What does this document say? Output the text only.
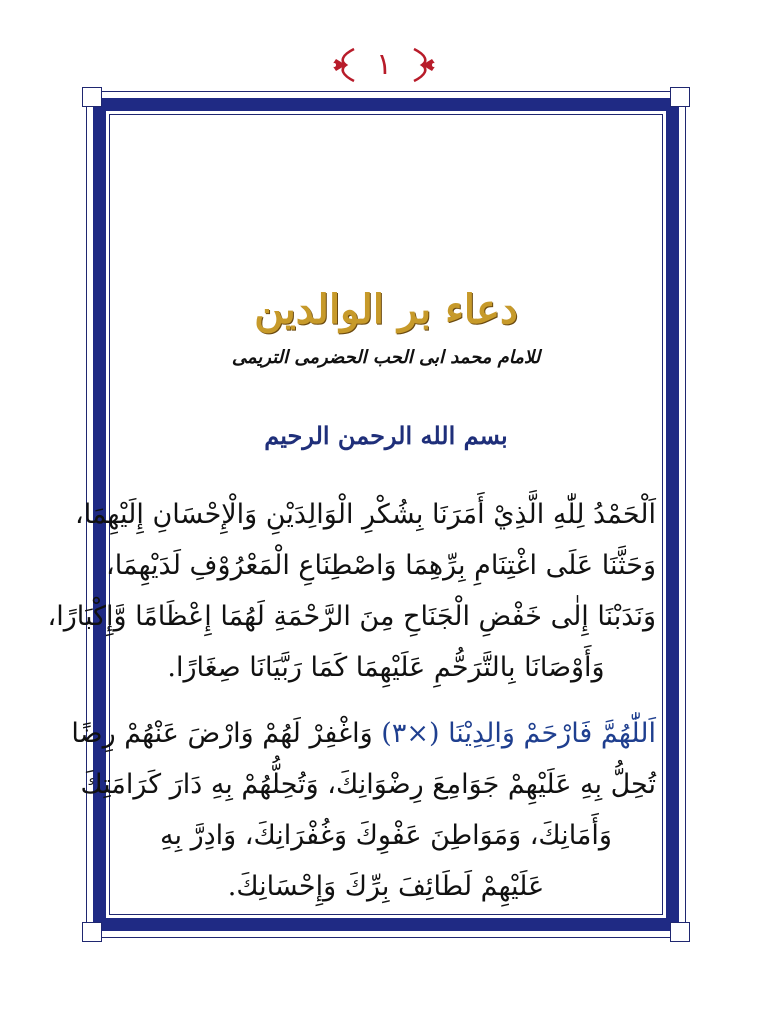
١
دعاء بر الوالدين
للامام محمد ابى الحب الحضرمى التريمى
بسم الله الرحمن الرحيم
اَلْحَمْدُ لِلّٰهِ الَّذِيْ أَمَرَنَا بِشُكْرِ الْوَالِدَيْنِ وَالْإِحْسَانِ إِلَيْهِمَا،
وَحَثَّنَا عَلَى اغْتِنَامِ بِرِّهِمَا وَاصْطِنَاعِ الْمَعْرُوْفِ لَدَيْهِمَا،
وَنَدَبْنَا إِلٰى خَفْضِ الْجَنَاحِ مِنَ الرَّحْمَةِ لَهُمَا إِعْظَامًا وَّإِكْبَارًا،
وَأَوْصَانَا بِالتَّرَحُّمِ عَلَيْهِمَا كَمَا رَبَّيَانَا صِغَارًا.
اَللّٰهُمَّ فَارْحَمْ وَالِدِيْنَا (×٣) وَاغْفِرْ لَهُمْ وَارْضَ عَنْهُمْ رِضًا
تُحِلُّ بِهِ عَلَيْهِمْ جَوَامِعَ رِضْوَانِكَ، وَتُحِلُّهُمْ بِهِ دَارَ كَرَامَتِكَ
وَأَمَانِكَ، وَمَوَاطِنَ عَفْوِكَ وَغُفْرَانِكَ، وَادِرَّ بِهِ
عَلَيْهِمْ لَطَائِفَ بِرِّكَ وَإِحْسَانِكَ.
